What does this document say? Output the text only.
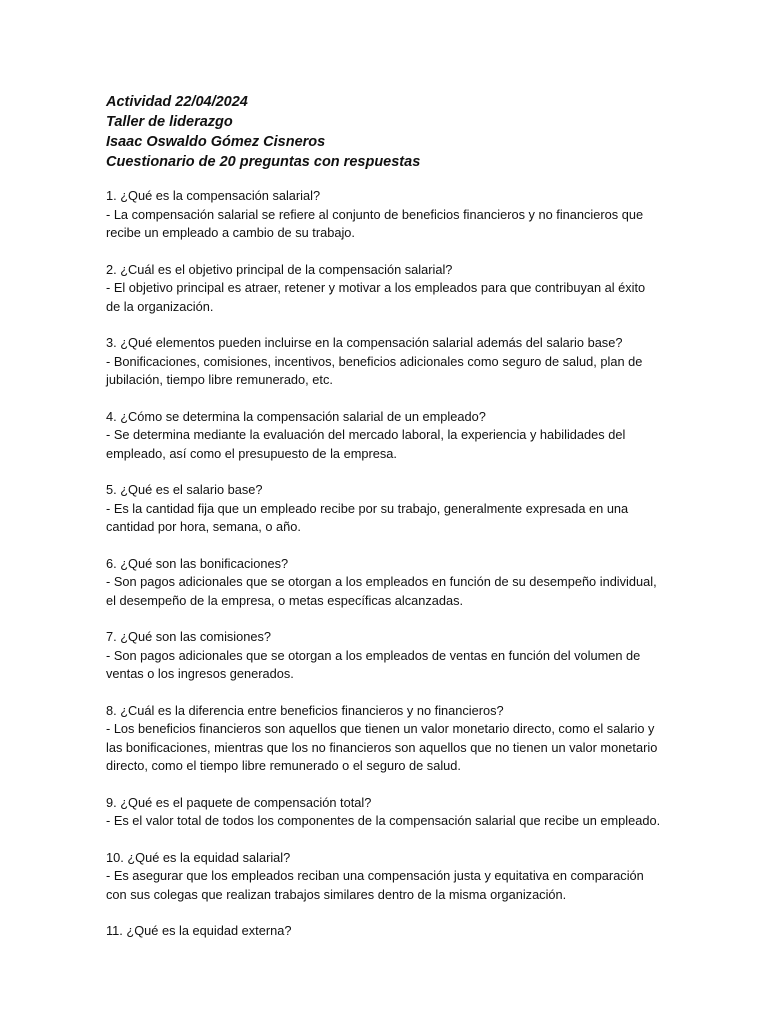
Actividad 22/04/2024

Taller de liderazgo

Isaac Oswaldo Gómez Cisneros

Cuestionario de 20 preguntas con respuestas

1. ¿Qué es la compensación salarial?

- La compensación salarial se refiere al conjunto de beneficios financieros y no financieros que recibe un empleado a cambio de su trabajo.

2. ¿Cuál es el objetivo principal de la compensación salarial?

- El objetivo principal es atraer, retener y motivar a los empleados para que contribuyan al éxito de la organización.

3. ¿Qué elementos pueden incluirse en la compensación salarial además del salario base?

- Bonificaciones, comisiones, incentivos, beneficios adicionales como seguro de salud, plan de jubilación, tiempo libre remunerado, etc.

4. ¿Cómo se determina la compensación salarial de un empleado?

- Se determina mediante la evaluación del mercado laboral, la experiencia y habilidades del empleado, así como el presupuesto de la empresa.

5. ¿Qué es el salario base?

- Es la cantidad fija que un empleado recibe por su trabajo, generalmente expresada en una cantidad por hora, semana, o año.

6. ¿Qué son las bonificaciones?

- Son pagos adicionales que se otorgan a los empleados en función de su desempeño individual, el desempeño de la empresa, o metas específicas alcanzadas.

7. ¿Qué son las comisiones?

- Son pagos adicionales que se otorgan a los empleados de ventas en función del volumen de ventas o los ingresos generados.

8. ¿Cuál es la diferencia entre beneficios financieros y no financieros?

- Los beneficios financieros son aquellos que tienen un valor monetario directo, como el salario y las bonificaciones, mientras que los no financieros son aquellos que no tienen un valor monetario directo, como el tiempo libre remunerado o el seguro de salud.

9. ¿Qué es el paquete de compensación total?

- Es el valor total de todos los componentes de la compensación salarial que recibe un empleado.

10. ¿Qué es la equidad salarial?

- Es asegurar que los empleados reciban una compensación justa y equitativa en comparación con sus colegas que realizan trabajos similares dentro de la misma organización.

11. ¿Qué es la equidad externa?
